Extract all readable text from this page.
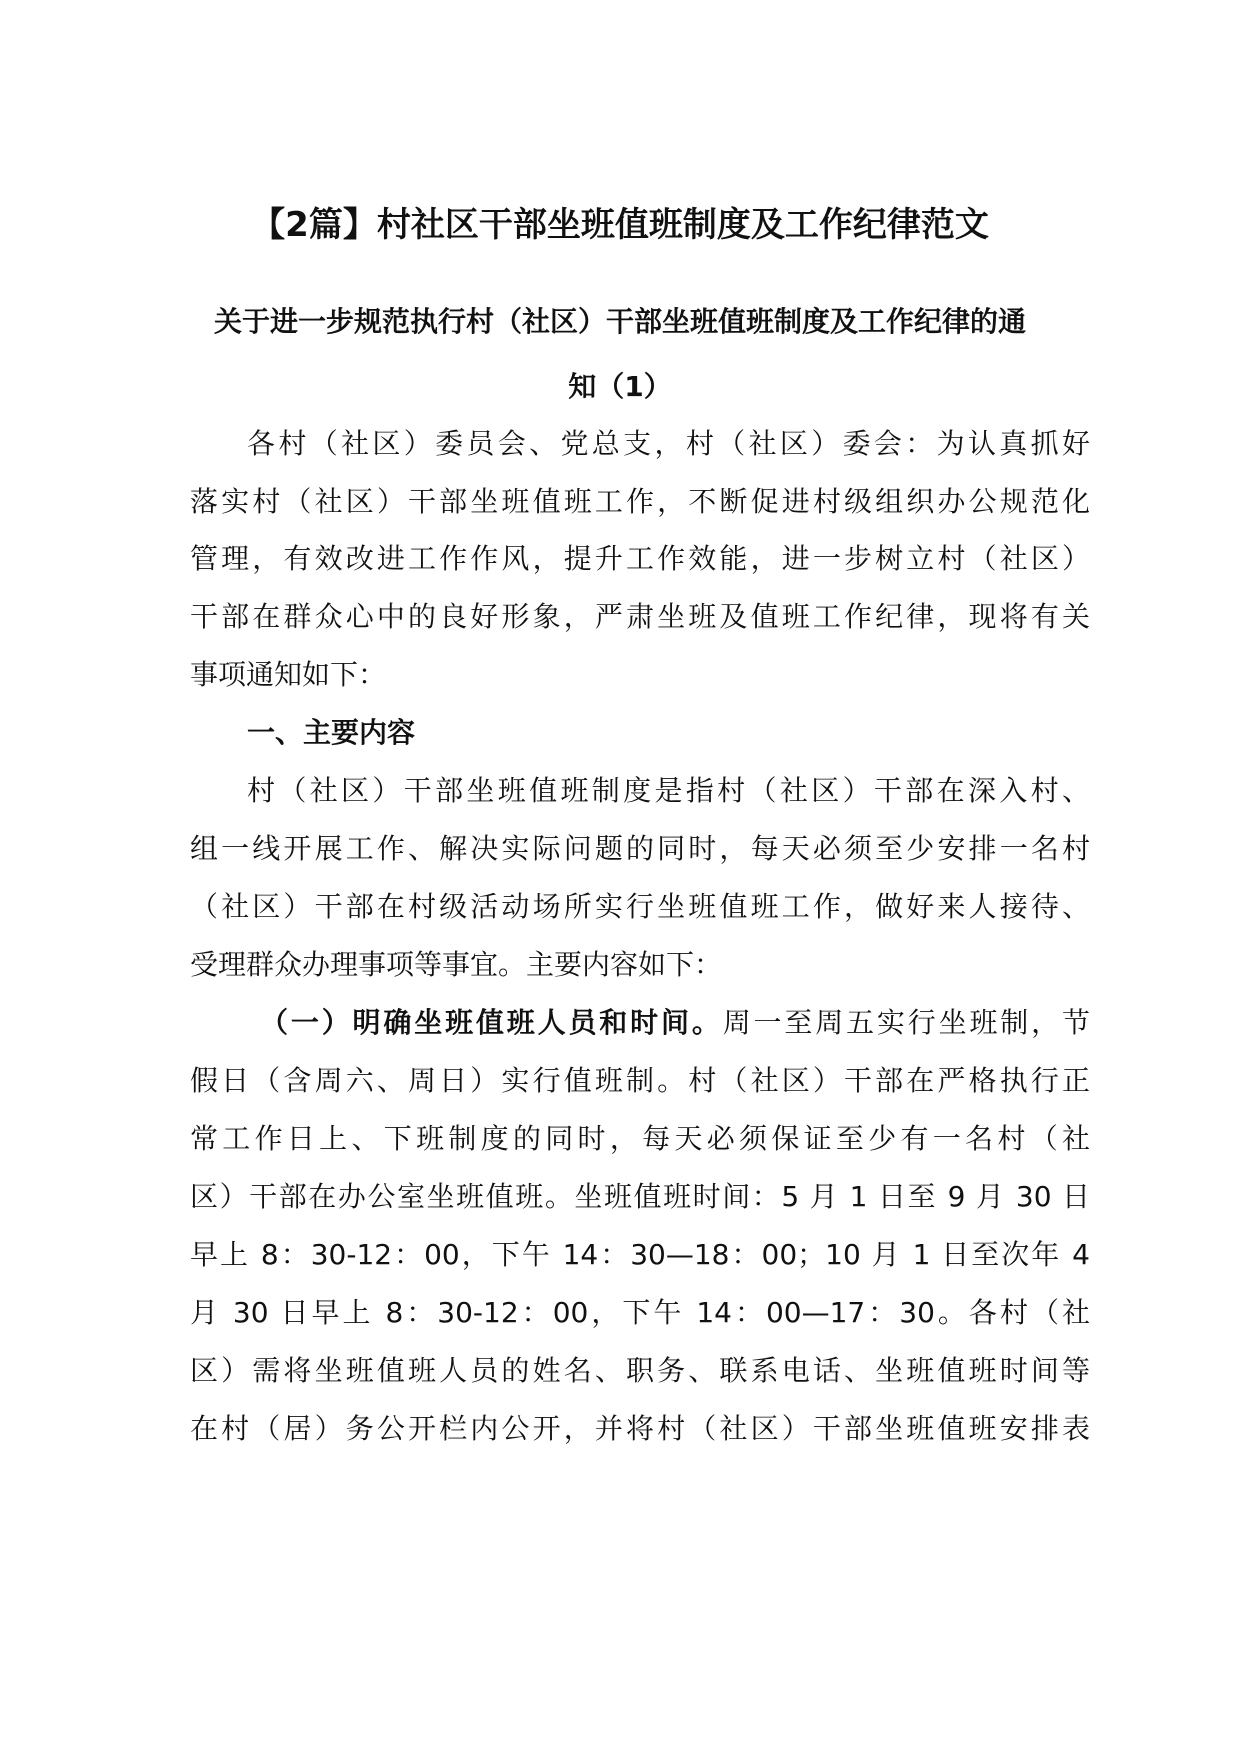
【2篇】村社区干部坐班值班制度及工作纪律范文
关于进一步规范执行村（社区）干部坐班值班制度及工作纪律的通
知（1）
各村（社区）委员会、党总支，村（社区）委会：为认真抓好
落实村（社区）干部坐班值班工作，不断促进村级组织办公规范化
管理，有效改进工作作风，提升工作效能，进一步树立村（社区）
干部在群众心中的良好形象，严肃坐班及值班工作纪律，现将有关
事项通知如下：
一、主要内容
村（社区）干部坐班值班制度是指村（社区）干部在深入村、
组一线开展工作、解决实际问题的同时，每天必须至少安排一名村
（社区）干部在村级活动场所实行坐班值班工作，做好来人接待、
受理群众办理事项等事宜。主要内容如下：
（一）明确坐班值班人员和时间。周一至周五实行坐班制，节
假日（含周六、周日）实行值班制。村（社区）干部在严格执行正
常工作日上、下班制度的同时，每天必须保证至少有一名村（社
区）干部在办公室坐班值班。坐班值班时间：5 月 1 日至 9 月 30 日
早上 8：30-12：00，下午 14：30—18：00；10 月 1 日至次年 4
月 30 日早上 8：30-12：00，下午 14：00—17：30。各村（社
区）需将坐班值班人员的姓名、职务、联系电话、坐班值班时间等
在村（居）务公开栏内公开，并将村（社区）干部坐班值班安排表
